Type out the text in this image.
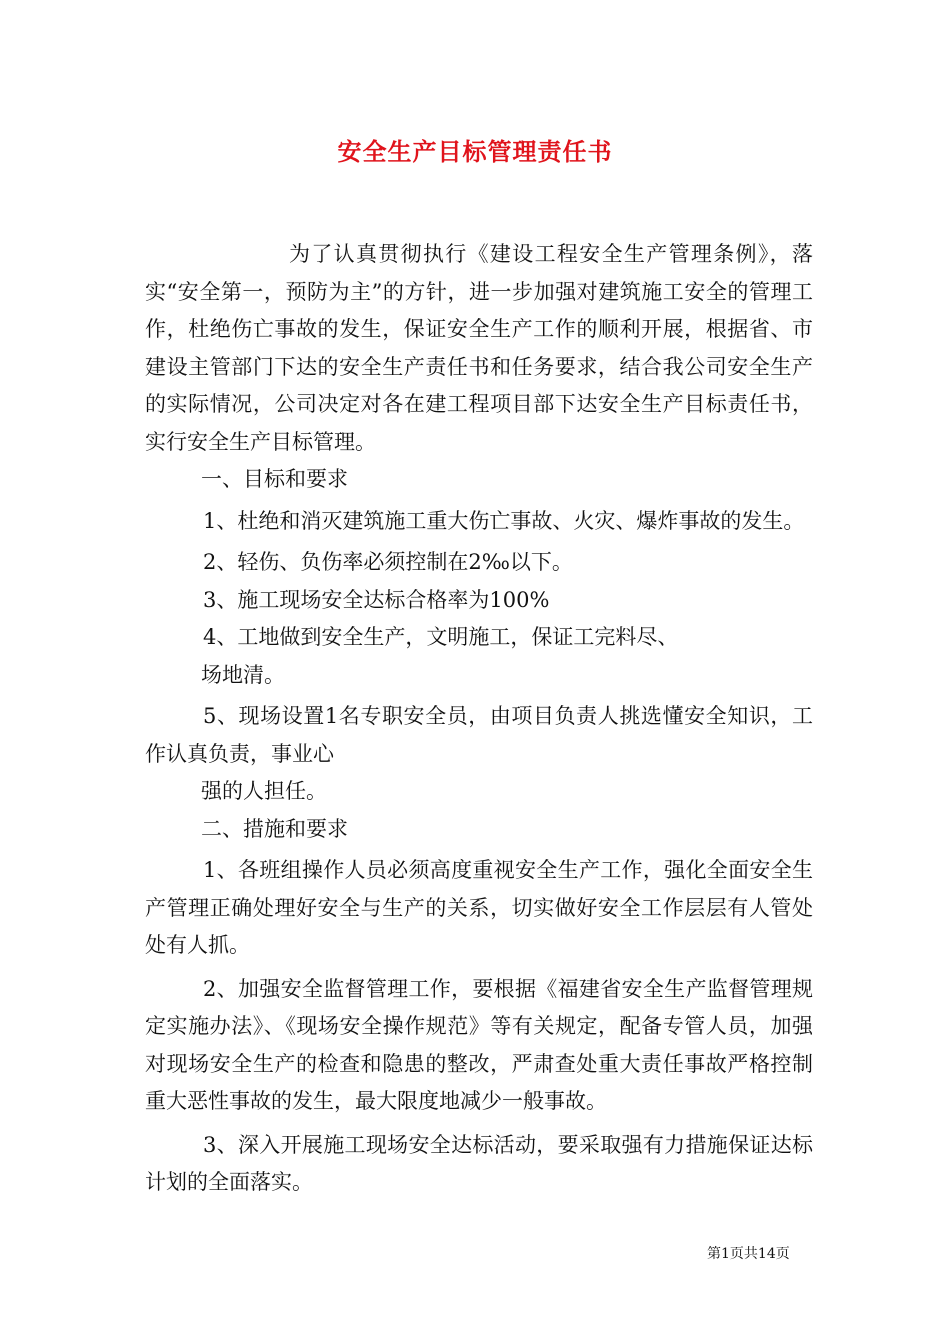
安全生产目标管理责任书

为了认真贯彻执行《建设工程安全生产管理条例》，落实“安全第一，预防为主”的方针，进一步加强对建筑施工安全的管理工作，杜绝伤亡事故的发生，保证安全生产工作的顺利开展，根据省、市建设主管部门下达的安全生产责任书和任务要求，结合我公司安全生产的实际情况，公司决定对各在建工程项目部下达安全生产目标责任书，实行安全生产目标管理。

一、目标和要求

1、杜绝和消灭建筑施工重大伤亡事故、火灾、爆炸事故的发生。

2、轻伤、负伤率必须控制在2‰以下。

3、施工现场安全达标合格率为100%

4、工地做到安全生产，文明施工，保证工完料尽、

场地清。

5、现场设置1名专职安全员，由项目负责人挑选懂安全知识，工作认真负责，事业心

强的人担任。

二、措施和要求

1、各班组操作人员必须高度重视安全生产工作，强化全面安全生产管理正确处理好安全与生产的关系，切实做好安全工作层层有人管处处有人抓。

2、加强安全监督管理工作，要根据《福建省安全生产监督管理规定实施办法》、《现场安全操作规范》等有关规定，配备专管人员，加强对现场安全生产的检查和隐患的整改，严肃查处重大责任事故严格控制重大恶性事故的发生，最大限度地减少一般事故。

3、深入开展施工现场安全达标活动，要采取强有力措施保证达标计划的全面落实。

第1页共14页
